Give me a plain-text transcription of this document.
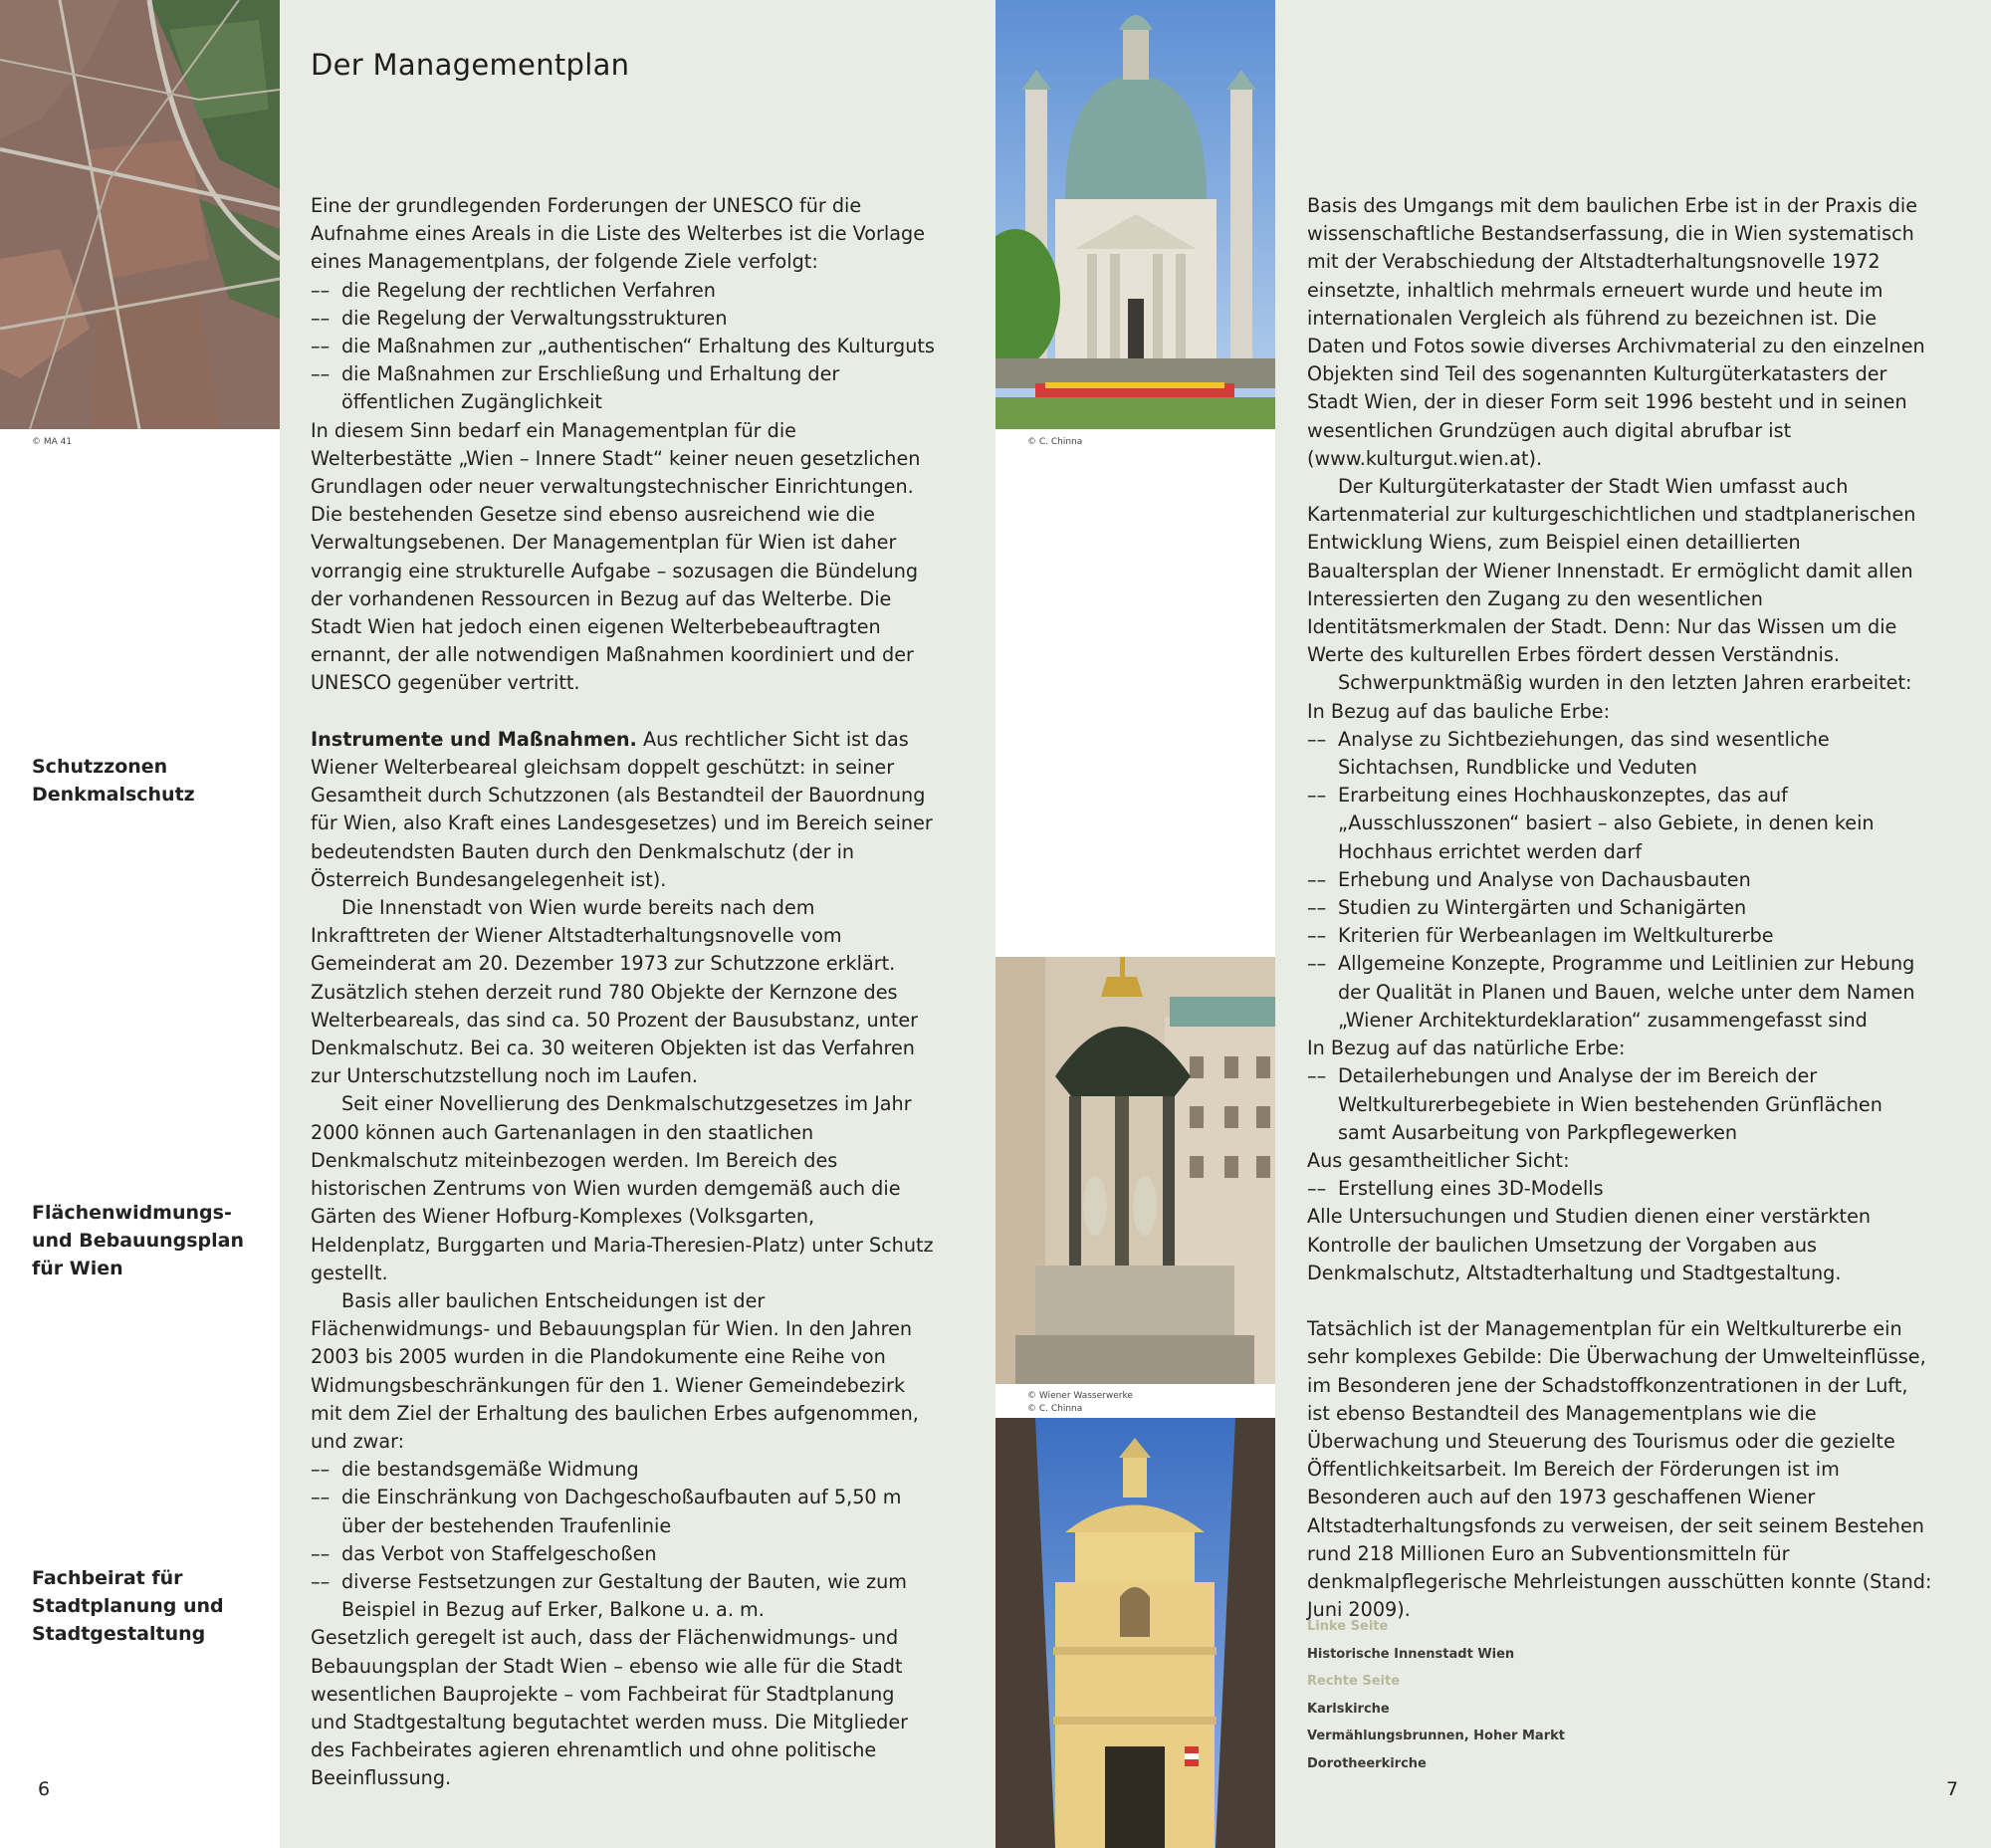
© MA 41
Schutzzonen
Denkmalschutz
Flächenwidmungs-
und Bebauungsplan
für Wien
Fachbeirat für
Stadtplanung und
Stadtgestaltung
6
Der Managementplan

Eine der grundlegenden Forderungen der UNESCO für die Aufnahme eines Areals in die Liste des Welterbes ist die Vorlage eines Managementplans, der folgende Ziele verfolgt:

–– die Regelung der rechtlichen Verfahren

–– die Regelung der Verwaltungsstrukturen

–– die Maßnahmen zur „authentischen“ Erhaltung des Kulturguts

–– die Maßnahmen zur Erschließung und Erhaltung der öffentlichen Zugänglichkeit

In diesem Sinn bedarf ein Managementplan für die Welterbestätte „Wien – Innere Stadt“ keiner neuen gesetzlichen Grundlagen oder neuer verwaltungstechnischer Einrichtungen. Die bestehenden Gesetze sind ebenso ausreichend wie die Verwaltungsebenen. Der Managementplan für Wien ist daher vorrangig eine strukturelle Aufgabe – sozusagen die Bündelung der vorhandenen Ressourcen in Bezug auf das Welterbe. Die Stadt Wien hat jedoch einen eigenen Welterbebeauftragten ernannt, der alle notwendigen Maßnahmen koordiniert und der UNESCO gegenüber vertritt.

Instrumente und Maßnahmen. Aus rechtlicher Sicht ist das Wiener Welterbeareal gleichsam doppelt geschützt: in seiner Gesamtheit durch Schutzzonen (als Bestandteil der Bauordnung für Wien, also Kraft eines Landesgesetzes) und im Bereich seiner bedeutendsten Bauten durch den Denkmalschutz (der in Österreich Bundesangelegenheit ist).

Die Innenstadt von Wien wurde bereits nach dem Inkrafttreten der Wiener Altstadterhaltungsnovelle vom Gemeinderat am 20. Dezember 1973 zur Schutzzone erklärt. Zusätzlich stehen derzeit rund 780 Objekte der Kernzone des Welterbeareals, das sind ca. 50 Prozent der Bausubstanz, unter Denkmalschutz. Bei ca. 30 weiteren Objekten ist das Verfahren zur Unterschutzstellung noch im Laufen.

Seit einer Novellierung des Denkmalschutzgesetzes im Jahr 2000 können auch Gartenanlagen in den staatlichen Denkmalschutz miteinbezogen werden. Im Bereich des historischen Zentrums von Wien wurden demgemäß auch die Gärten des Wiener Hofburg-Komplexes (Volksgarten, Heldenplatz, Burggarten und Maria-Theresien-Platz) unter Schutz gestellt.

Basis aller baulichen Entscheidungen ist der Flächenwidmungs- und Bebauungsplan für Wien. In den Jahren 2003 bis 2005 wurden in die Plandokumente eine Reihe von Widmungsbeschränkungen für den 1. Wiener Gemeindebezirk mit dem Ziel der Erhaltung des baulichen Erbes aufgenommen, und zwar:

–– die bestandsgemäße Widmung

–– die Einschränkung von Dachgeschoßaufbauten auf 5,50 m über der bestehenden Traufenlinie

–– das Verbot von Staffelgeschoßen

–– diverse Festsetzungen zur Gestaltung der Bauten, wie zum Beispiel in Bezug auf Erker, Balkone u. a. m.

Gesetzlich geregelt ist auch, dass der Flächenwidmungs- und Bebauungsplan der Stadt Wien – ebenso wie alle für die Stadt wesentlichen Bauprojekte – vom Fachbeirat für Stadtplanung und Stadtgestaltung begutachtet werden muss. Die Mitglieder des Fachbeirates agieren ehrenamtlich und ohne politische Beeinflussung.

© C. Chinna
© Wiener Wasserwerke
© C. Chinna

Basis des Umgangs mit dem baulichen Erbe ist in der Praxis die wissenschaftliche Bestandserfassung, die in Wien systematisch mit der Verabschiedung der Altstadterhaltungsnovelle 1972 einsetzte, inhaltlich mehrmals erneuert wurde und heute im internationalen Vergleich als führend zu bezeichnen ist. Die Daten und Fotos sowie diverses Archivmaterial zu den einzelnen Objekten sind Teil des sogenannten Kulturgüterkatasters der Stadt Wien, der in dieser Form seit 1996 besteht und in seinen wesentlichen Grundzügen auch digital abrufbar ist (www.kulturgut.wien.at).

Der Kulturgüterkataster der Stadt Wien umfasst auch Kartenmaterial zur kulturgeschichtlichen und stadtplanerischen Entwicklung Wiens, zum Beispiel einen detaillierten Baualtersplan der Wiener Innenstadt. Er ermöglicht damit allen Interessierten den Zugang zu den wesentlichen Identitätsmerkmalen der Stadt. Denn: Nur das Wissen um die Werte des kulturellen Erbes fördert dessen Verständnis.

Schwerpunktmäßig wurden in den letzten Jahren erarbeitet:

In Bezug auf das bauliche Erbe:

–– Analyse zu Sichtbeziehungen, das sind wesentliche Sichtachsen, Rundblicke und Veduten

–– Erarbeitung eines Hochhauskonzeptes, das auf „Ausschlusszonen“ basiert – also Gebiete, in denen kein Hochhaus errichtet werden darf

–– Erhebung und Analyse von Dachausbauten

–– Studien zu Wintergärten und Schanigärten

–– Kriterien für Werbeanlagen im Weltkulturerbe

–– Allgemeine Konzepte, Programme und Leitlinien zur Hebung der Qualität in Planen und Bauen, welche unter dem Namen „Wiener Architekturdeklaration“ zusammengefasst sind

In Bezug auf das natürliche Erbe:

–– Detailerhebungen und Analyse der im Bereich der Weltkulturerbegebiete in Wien bestehenden Grünflächen samt Ausarbeitung von Parkpflegewerken

Aus gesamtheitlicher Sicht:

–– Erstellung eines 3D-Modells

Alle Untersuchungen und Studien dienen einer verstärkten Kontrolle der baulichen Umsetzung der Vorgaben aus Denkmalschutz, Altstadterhaltung und Stadtgestaltung.

Tatsächlich ist der Managementplan für ein Weltkulturerbe ein sehr komplexes Gebilde: Die Überwachung der Umwelteinflüsse, im Besonderen jene der Schadstoffkonzentrationen in der Luft, ist ebenso Bestandteil des Managementplans wie die Überwachung und Steuerung des Tourismus oder die gezielte Öffentlichkeitsarbeit. Im Bereich der Förderungen ist im Besonderen auch auf den 1973 geschaffenen Wiener Altstadterhaltungsfonds zu verweisen, der seit seinem Bestehen rund 218 Millionen Euro an Subventionsmitteln für denkmalpflegerische Mehrleistungen ausschütten konnte (Stand: Juni 2009).

Linke Seite
Historische Innenstadt Wien
Rechte Seite
Karlskirche
Vermählungsbrunnen, Hoher Markt
Dorotheerkirche
7
